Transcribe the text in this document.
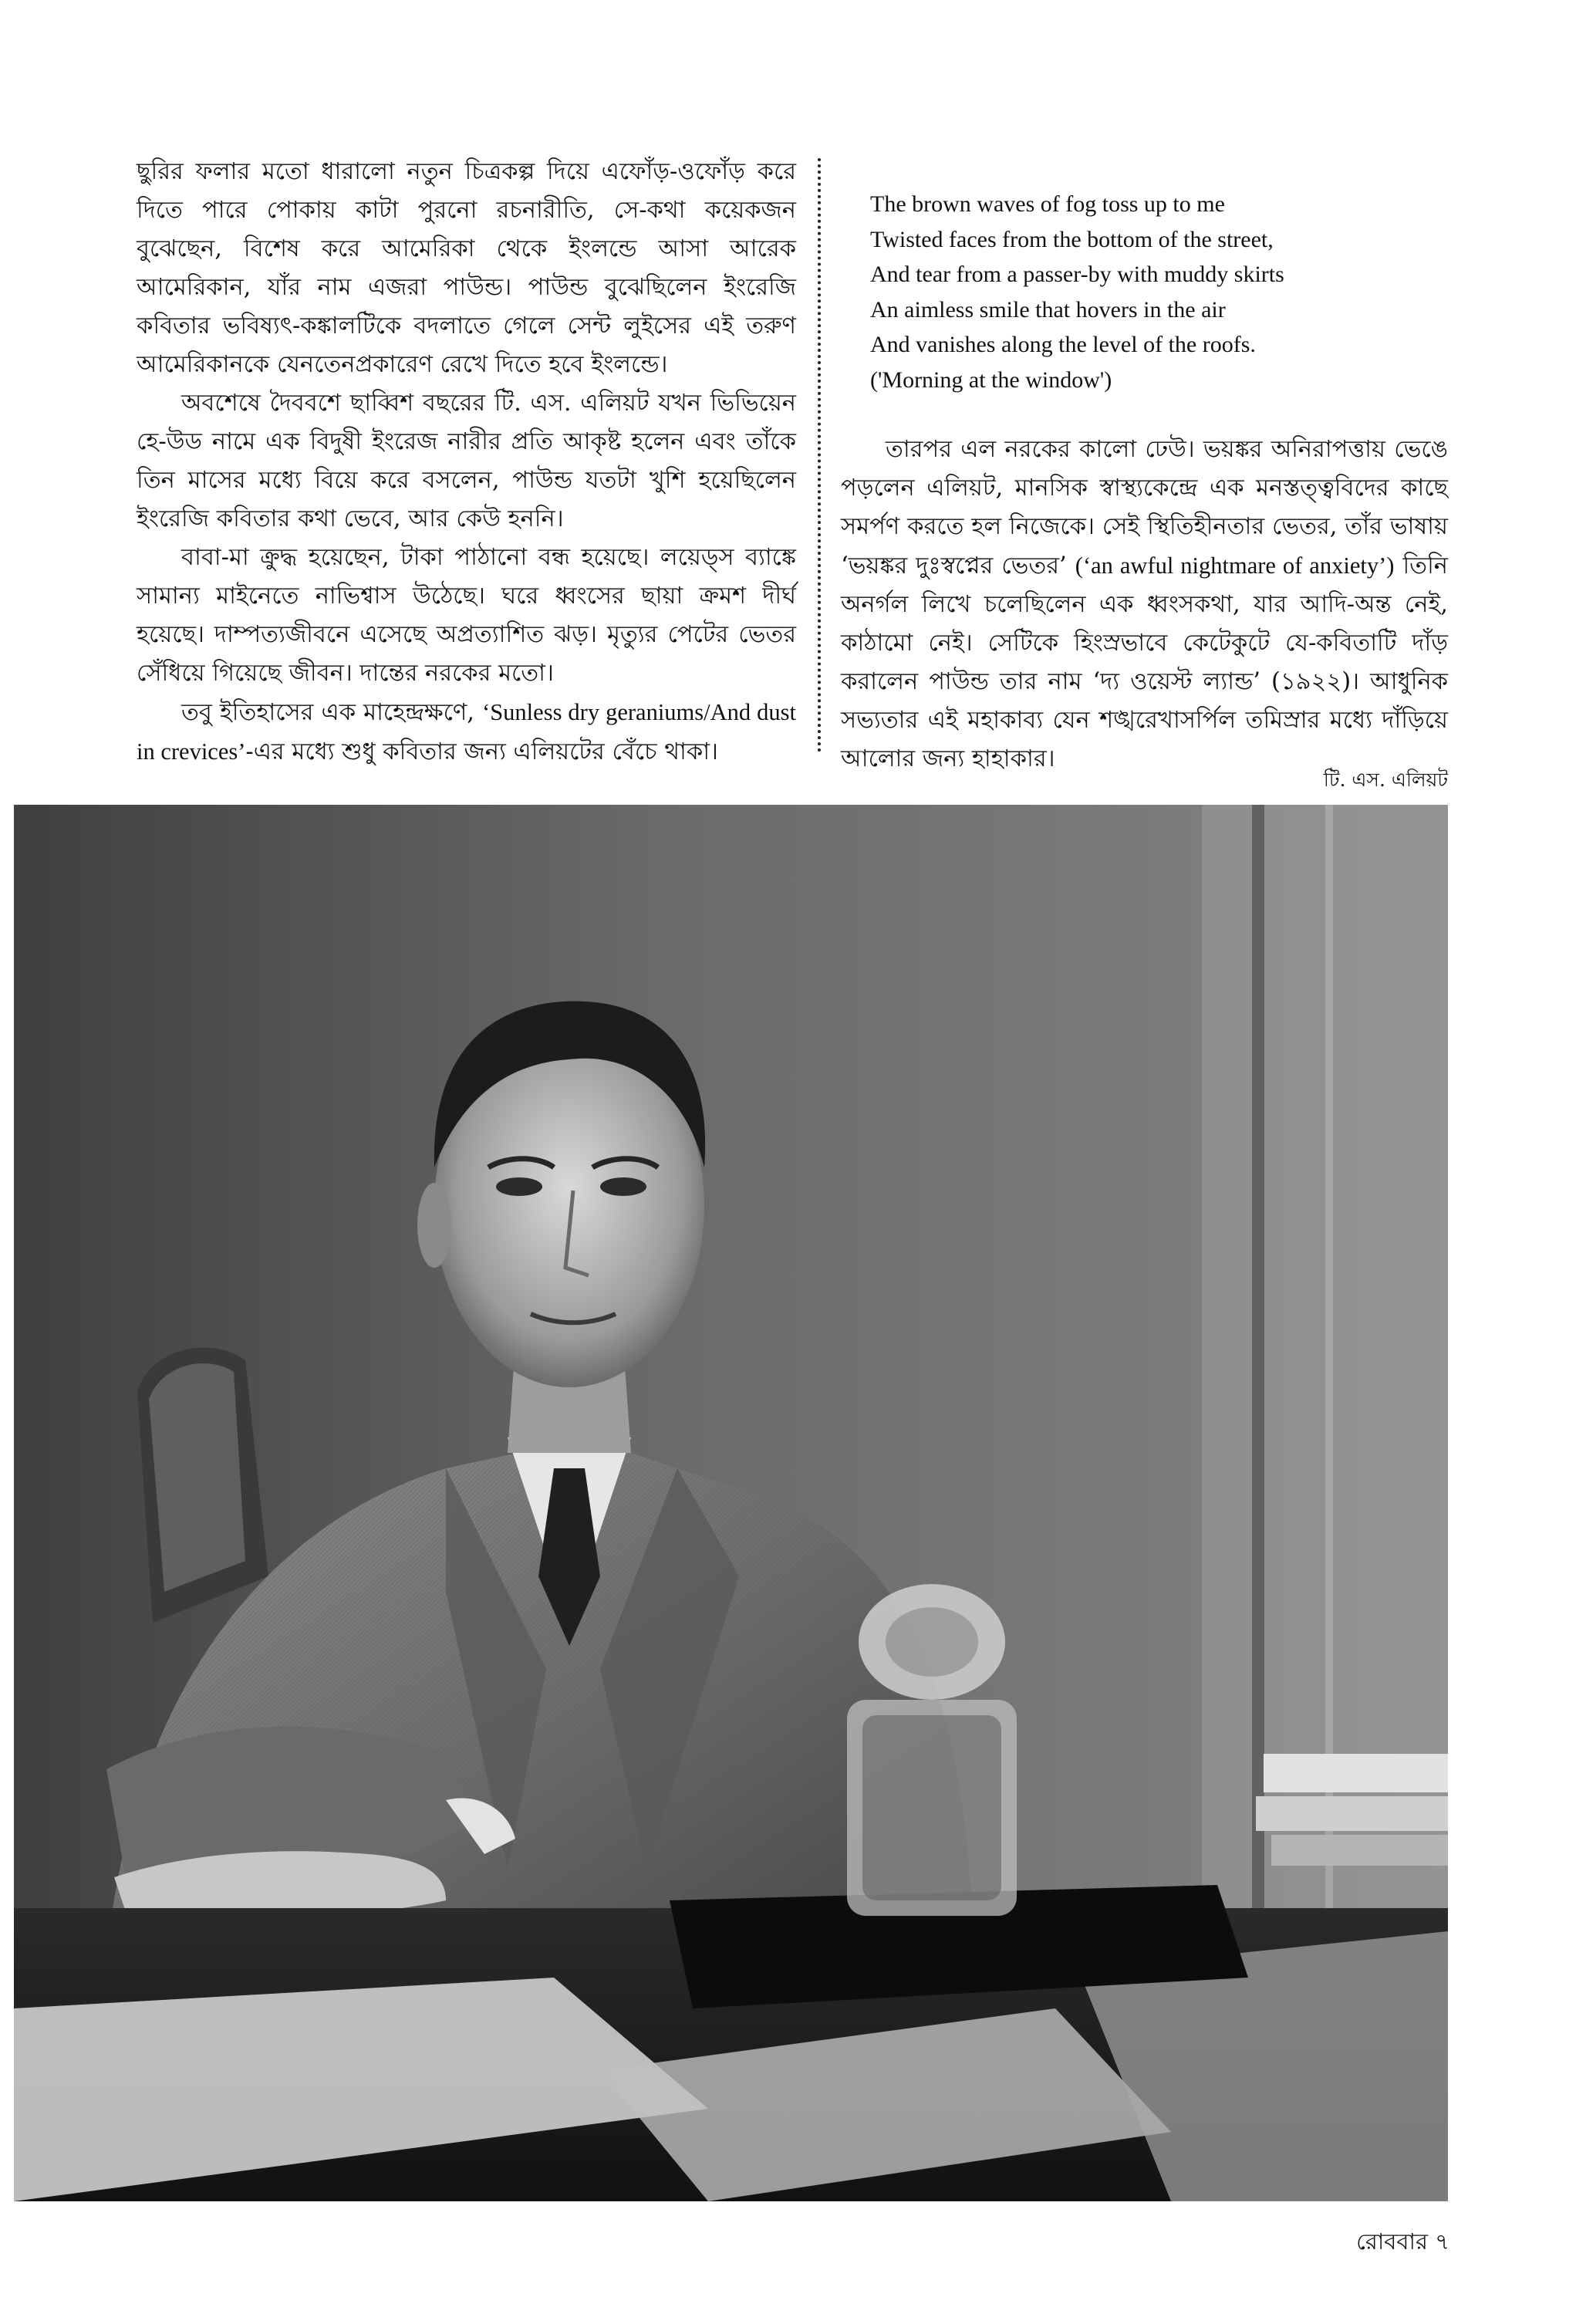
ছুরির ফলার মতো ধারালো নতুন চিত্রকল্প দিয়ে এফোঁড়-ওফোঁড় করে দিতে পারে পোকায় কাটা পুরনো রচনারীতি, সে-কথা কয়েকজন বুঝেছেন, বিশেষ করে আমেরিকা থেকে ইংলন্ডে আসা আরেক আমেরিকান, যাঁর নাম এজরা পাউন্ড। পাউন্ড বুঝেছিলেন ইংরেজি কবিতার ভবিষ্যৎ-কঙ্কালটিকে বদলাতে গেলে সেন্ট লুইসের এই তরুণ আমেরিকানকে যেনতেনপ্রকারেণ রেখে দিতে হবে ইংলন্ডে।

অবশেষে দৈববশে ছাব্বিশ বছরের টি. এস. এলিয়ট যখন ভিভিয়েন হে-উড নামে এক বিদুষী ইংরেজ নারীর প্রতি আকৃষ্ট হলেন এবং তাঁকে তিন মাসের মধ্যে বিয়ে করে বসলেন, পাউন্ড যতটা খুশি হয়েছিলেন ইংরেজি কবিতার কথা ভেবে, আর কেউ হননি।

বাবা-মা ক্রুদ্ধ হয়েছেন, টাকা পাঠানো বন্ধ হয়েছে। লয়েড্স ব্যাঙ্কে সামান্য মাইনেতে নাভিশ্বাস উঠেছে। ঘরে ধ্বংসের ছায়া ক্রমশ দীর্ঘ হয়েছে। দাম্পত্যজীবনে এসেছে অপ্রত্যাশিত ঝড়। মৃত্যুর পেটের ভেতর সেঁধিয়ে গিয়েছে জীবন। দান্তের নরকের মতো।

তবু ইতিহাসের এক মাহেন্দ্রক্ষণে, ‘Sunless dry geraniums/And dust in crevices’-এর মধ্যে শুধু কবিতার জন্য এলিয়টের বেঁচে থাকা।

The brown waves of fog toss up to me
Twisted faces from the bottom of the street,
And tear from a passer-by with muddy skirts
An aimless smile that hovers in the air
And vanishes along the level of the roofs.
('Morning at the window')

তারপর এল নরকের কালো ঢেউ। ভয়ঙ্কর অনিরাপত্তায় ভেঙে পড়লেন এলিয়ট, মানসিক স্বাস্থ্যকেন্দ্রে এক মনস্তত্ত্ববিদের কাছে সমর্পণ করতে হল নিজেকে। সেই স্থিতিহীনতার ভেতর, তাঁর ভাষায় ‘ভয়ঙ্কর দুঃস্বপ্নের ভেতর’ (‘an awful nightmare of anxiety’) তিনি অনর্গল লিখে চলেছিলেন এক ধ্বংসকথা, যার আদি-অন্ত নেই, কাঠামো নেই। সেটিকে হিংস্রভাবে কেটেকুটে যে-কবিতাটি দাঁড় করালেন পাউন্ড তার নাম ‘দ্য ওয়েস্ট ল্যান্ড’ (১৯২২)। আধুনিক সভ্যতার এই মহাকাব্য যেন শঙ্খরেখাসর্পিল তমিস্রার মধ্যে দাঁড়িয়ে আলোর জন্য হাহাকার।

টি. এস. এলিয়ট
রোববার ৭
